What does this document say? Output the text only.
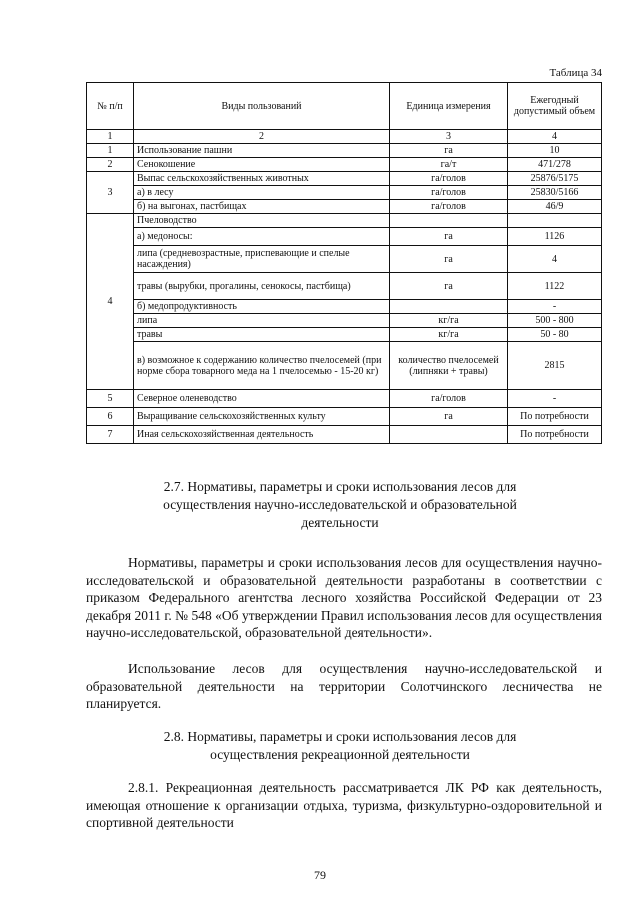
Таблица 34
№ п/п	Виды пользований	Единица измерения	Ежегодный допустимый объем
1	2	3	4
1	Использование пашни	га	10
2	Сенокошение	га/т	471/278
3	Выпас сельскохозяйственных животных	га/голов	25876/5175
	а) в лесу	га/голов	25830/5166
	б) на выгонах, пастбищах	га/голов	46/9
4	Пчеловодство		
	а) медоносы:	га	1126
	липа (средневозрастные, приспевающие и спелые насаждения)	га	4
	травы (вырубки, прогалины, сенокосы, пастбища)	га	1122
	б) медопродуктивность		-
	липа	кг/га	500 - 800
	травы	кг/га	50 - 80
	в) возможное к содержанию количество пчелосемей (при норме сбора товарного меда на 1 пчелосемью - 15-20 кг)	количество пчелосемей (липняки + травы)	2815
5	Северное оленеводство	га/голов	-
6	Выращивание сельскохозяйственных культу	га	По потребности
7	Иная сельскохозяйственная деятельность		По потребности
2.7. Нормативы, параметры и сроки использования лесов для
осуществления научно-исследовательской и образовательной
деятельности
Нормативы, параметры и сроки использования лесов для осуществления научно-исследовательской и образовательной деятельности разработаны в соответствии с приказом Федерального агентства лесного хозяйства Российской Федерации от 23 декабря 2011 г. № 548 «Об утверждении Правил использования лесов для осуществления научно-исследовательской, образовательной деятельности».
Использование лесов для осуществления научно-исследовательской и образовательной деятельности на территории Солотчинского лесничества не планируется.
2.8. Нормативы, параметры и сроки использования лесов для
осуществления рекреационной деятельности
2.8.1. Рекреационная деятельность рассматривается ЛК РФ как деятельность, имеющая отношение к организации отдыха, туризма, физкультурно-оздоровительной и спортивной деятельности
79
